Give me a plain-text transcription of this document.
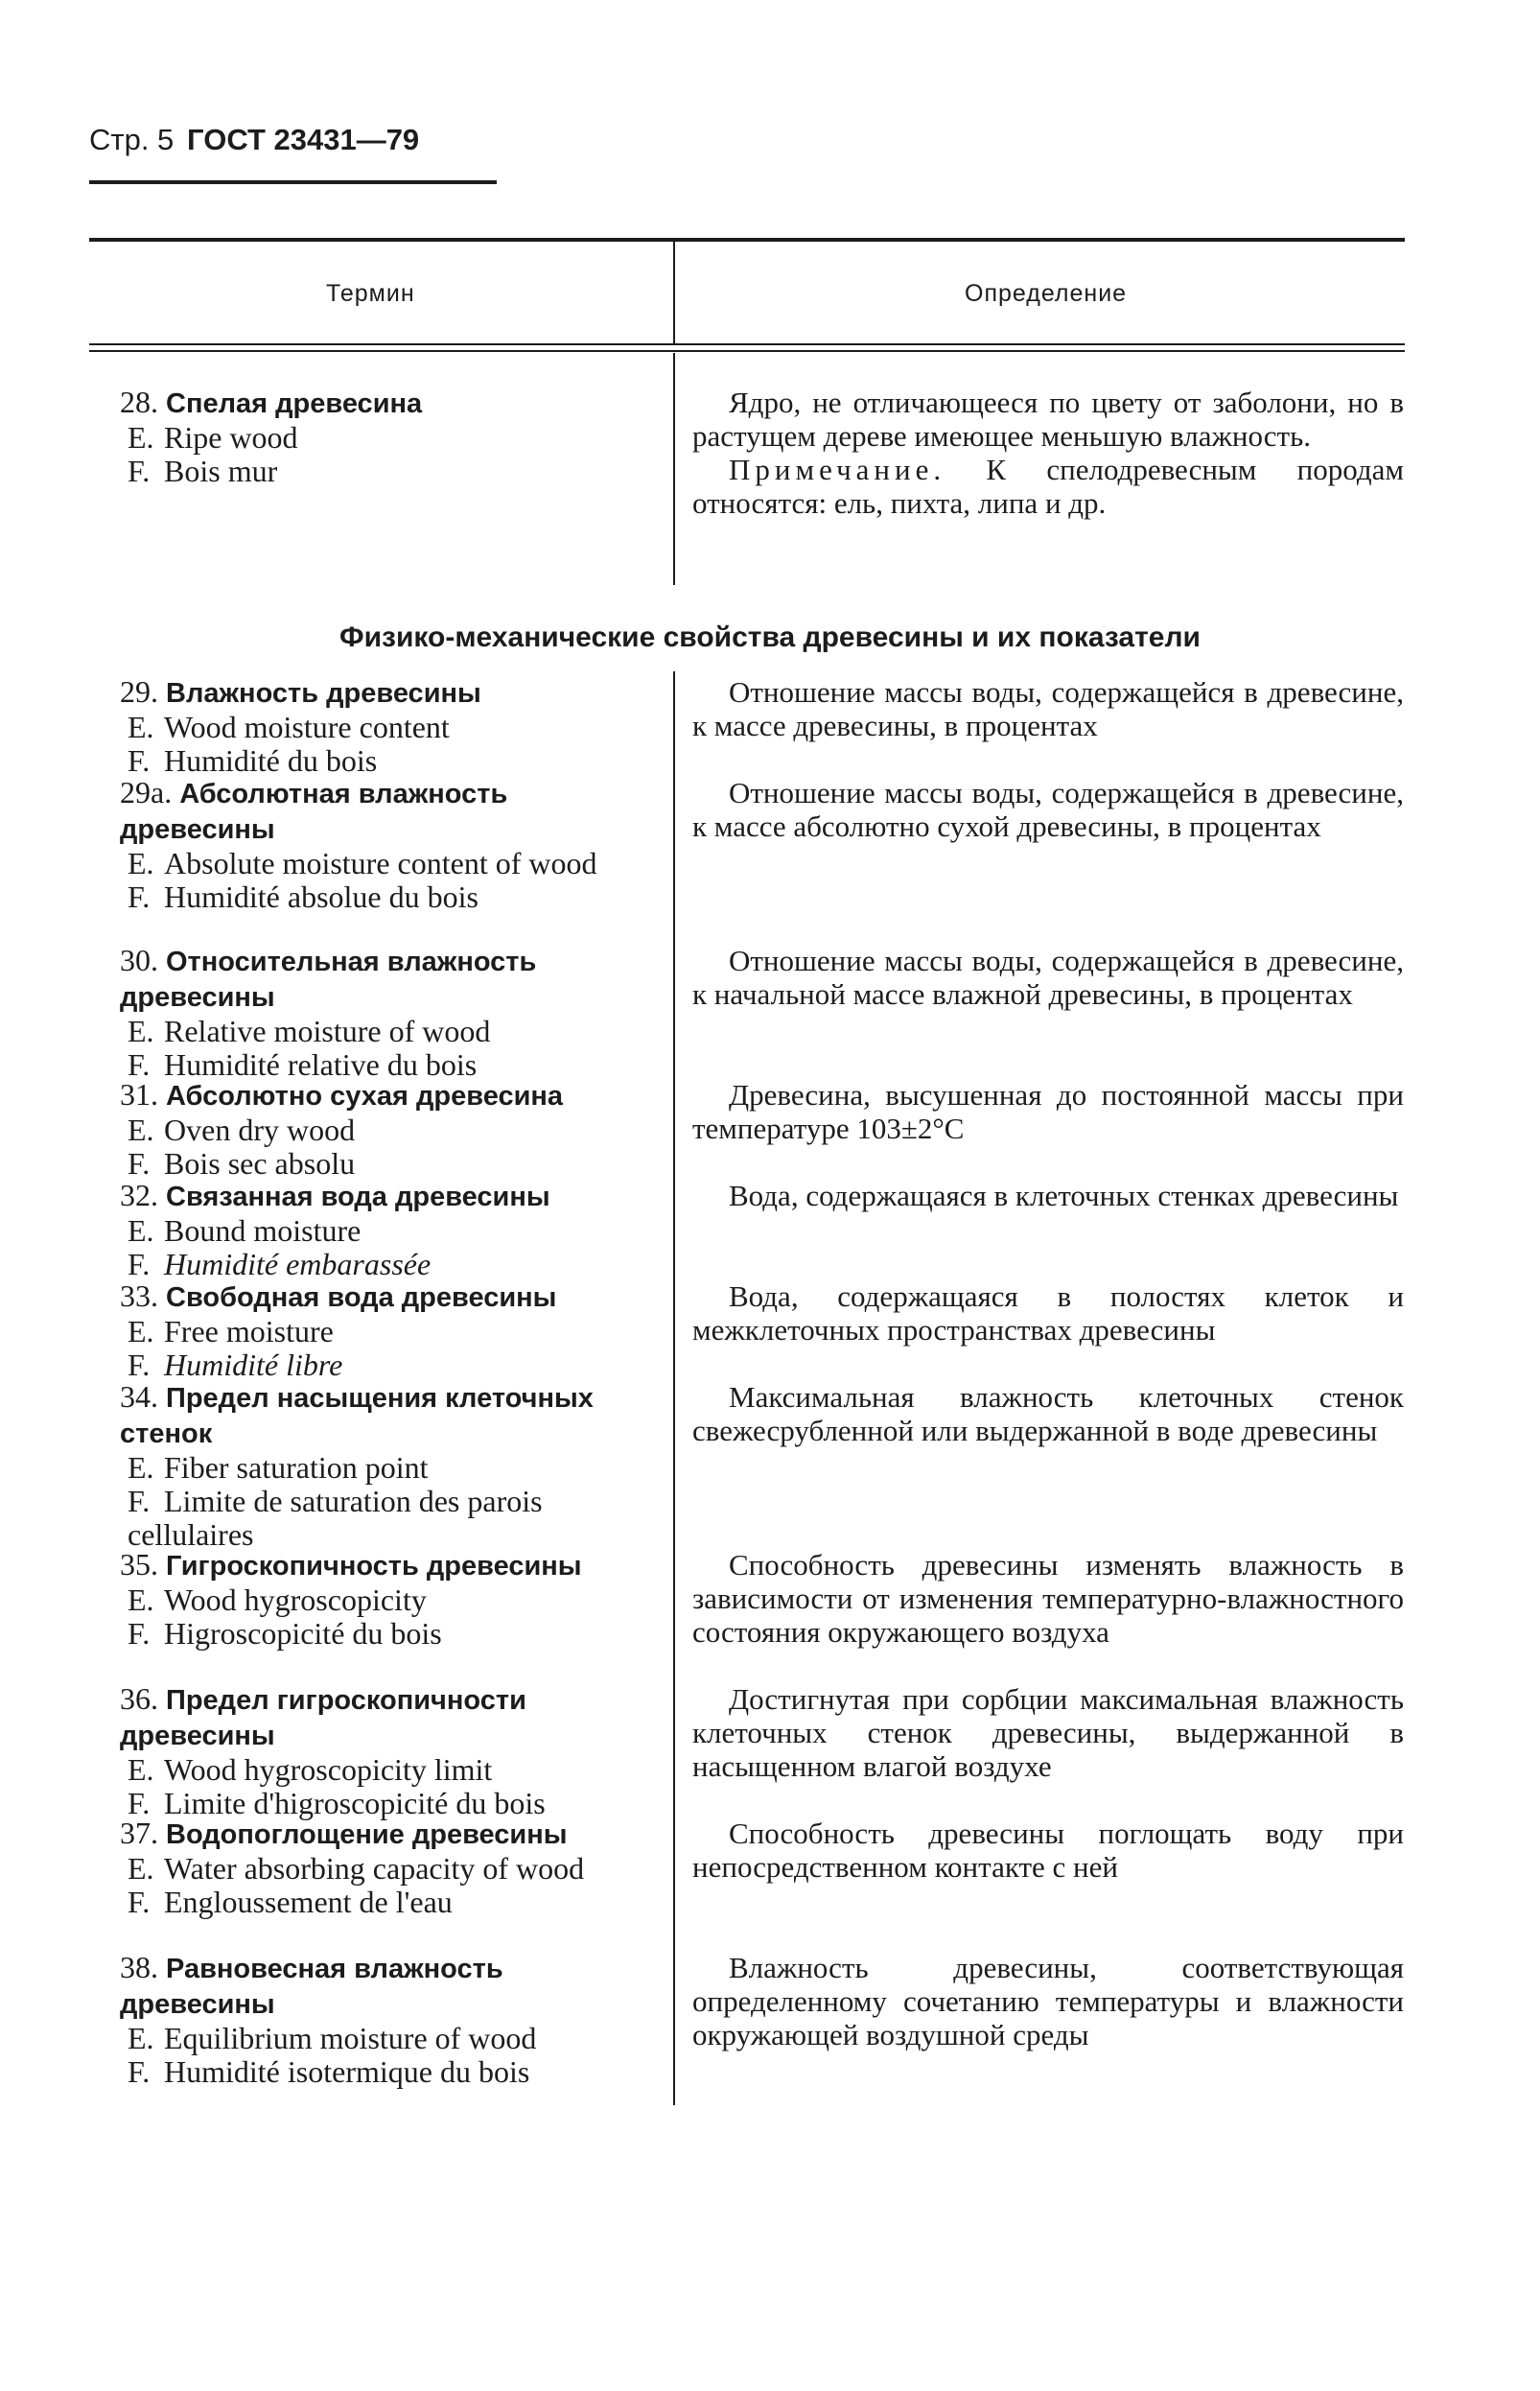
Стр. 5 ГОСТ 23431—79
Термин	Определение
28. Спелая древесина
E. Ripe wood
F. Bois mur

Ядро, не отличающееся по цвету от заболони, но в растущем дереве имеющее меньшую влажность.

Примечание. К спелодревесным породам относятся: ель, пихта, липа и др.

Физико-механические свойства древесины и их показатели
29. Влажность древесины
E. Wood moisture content
F. Humidité du bois

Отношение массы воды, содержащейся в древесине, к массе древесины, в процентах

29а. Абсолютная влажность древесины
E. Absolute moisture content of wood
F. Humidité absolue du bois

Отношение массы воды, содержащейся в древесине, к массе абсолютно сухой древесины, в процентах

30. Относительная влажность древесины
E. Relative moisture of wood
F. Humidité relative du bois

Отношение массы воды, содержащейся в древесине, к начальной массе влажной древесины, в процентах

31. Абсолютно сухая древесина
E. Oven dry wood
F. Bois sec absolu

Древесина, высушенная до постоянной массы при температуре 103±2°С

32. Связанная вода древесины
E. Bound moisture
F. Humidité embarassée

Вода, содержащаяся в клеточных стенках древесины

33. Свободная вода древесины
E. Free moisture
F. Humidité libre

Вода, содержащаяся в полостях клеток и межклеточных пространствах древесины

34. Предел насыщения клеточных стенок
E. Fiber saturation point
F. Limite de saturation des parois cellulaires

Максимальная влажность клеточных стенок свежесрубленной или выдержанной в воде древесины

35. Гигроскопичность древесины
E. Wood hygroscopicity
F. Higroscopicité du bois

Способность древесины изменять влажность в зависимости от изменения температурно-влажностного состояния окружающего воздуха

36. Предел гигроскопичности древесины
E. Wood hygroscopicity limit
F. Limite d'higroscopicité du bois

Достигнутая при сорбции максимальная влажность клеточных стенок древесины, выдержанной в насыщенном влагой воздухе

37. Водопоглощение древесины
E. Water absorbing capacity of wood
F. Engloussement de l'eau

Способность древесины поглощать воду при непосредственном контакте с ней

38. Равновесная влажность древесины
E. Equilibrium moisture of wood
F. Humidité isotermique du bois

Влажность древесины, соответствующая определенному сочетанию температуры и влажности окружающей воздушной среды
